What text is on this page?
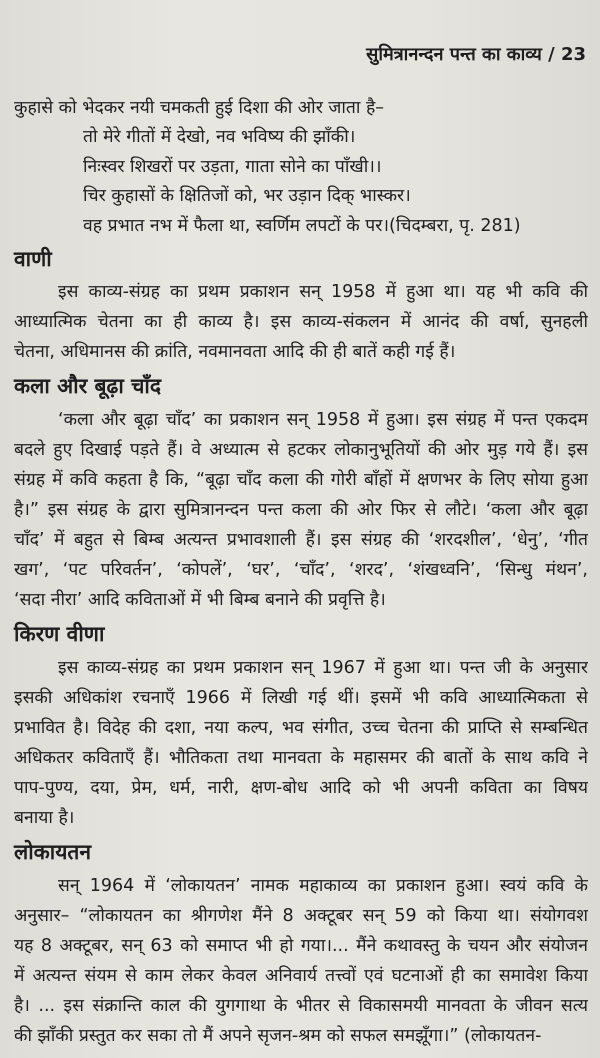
सुमित्रानन्दन पन्त का काव्य / 23
कुहासे को भेदकर नयी चमकती हुई दिशा की ओर जाता है–
तो मेरे गीतों में देखो, नव भविष्य की झाँकी।
निःस्वर शिखरों पर उड़ता, गाता सोने का पाँखी।।
चिर कुहासों के क्षितिजों को, भर उड़ान दिक् भास्कर।
वह प्रभात नभ में फैला था, स्वर्णिम लपटों के पर।(चिदम्बरा, पृ. 281)
वाणी
इस काव्य-संग्रह का प्रथम प्रकाशन सन् 1958 में हुआ था। यह भी कवि की
आध्यात्मिक चेतना का ही काव्य है। इस काव्य-संकलन में आनंद की वर्षा, सुनहली
चेतना, अधिमानस की क्रांति, नवमानवता आदि की ही बातें कही गई हैं।
कला और बूढ़ा चाँद
‘कला और बूढ़ा चाँद’ का प्रकाशन सन् 1958 में हुआ। इस संग्रह में पन्त एकदम
बदले हुए दिखाई पड़ते हैं। वे अध्यात्म से हटकर लोकानुभूतियों की ओर मुड़ गये हैं। इस
संग्रह में कवि कहता है कि, “बूढ़ा चाँद कला की गोरी बाँहों में क्षणभर के लिए सोया हुआ
है।” इस संग्रह के द्वारा सुमित्रानन्दन पन्त कला की ओर फिर से लौटे। ‘कला और बूढ़ा
चाँद’ में बहुत से बिम्ब अत्यन्त प्रभावशाली हैं। इस संग्रह की ‘शरदशील’, ‘धेनु’, ‘गीत
खग’, ‘पट परिवर्तन’, ‘कोपलें’, ‘घर’, ‘चाँद’, ‘शरद’, ‘शंखध्वनि’, ‘सिन्धु मंथन’,
‘सदा नीरा’ आदि कविताओं में भी बिम्ब बनाने की प्रवृत्ति है।
किरण वीणा
इस काव्य-संग्रह का प्रथम प्रकाशन सन् 1967 में हुआ था। पन्त जी के अनुसार
इसकी अधिकांश रचनाएँ 1966 में लिखी गई थीं। इसमें भी कवि आध्यात्मिकता से
प्रभावित है। विदेह की दशा, नया कल्प, भव संगीत, उच्च चेतना की प्राप्ति से सम्बन्धित
अधिकतर कविताएँ हैं। भौतिकता तथा मानवता के महासमर की बातों के साथ कवि ने
पाप-पुण्य, दया, प्रेम, धर्म, नारी, क्षण-बोध आदि को भी अपनी कविता का विषय
बनाया है।
लोकायतन
सन् 1964 में ‘लोकायतन’ नामक महाकाव्य का प्रकाशन हुआ। स्वयं कवि के
अनुसार– “लोकायतन का श्रीगणेश मैंने 8 अक्टूबर सन् 59 को किया था। संयोगवश
यह 8 अक्टूबर, सन् 63 को समाप्त भी हो गया।... मैंने कथावस्तु के चयन और संयोजन
में अत्यन्त संयम से काम लेकर केवल अनिवार्य तत्त्वों एवं घटनाओं ही का समावेश किया
है। ... इस संक्रान्ति काल की युगगाथा के भीतर से विकासमयी मानवता के जीवन सत्य
की झाँकी प्रस्तुत कर सका तो मैं अपने सृजन-श्रम को सफल समझूँगा।” (लोकायतन-
